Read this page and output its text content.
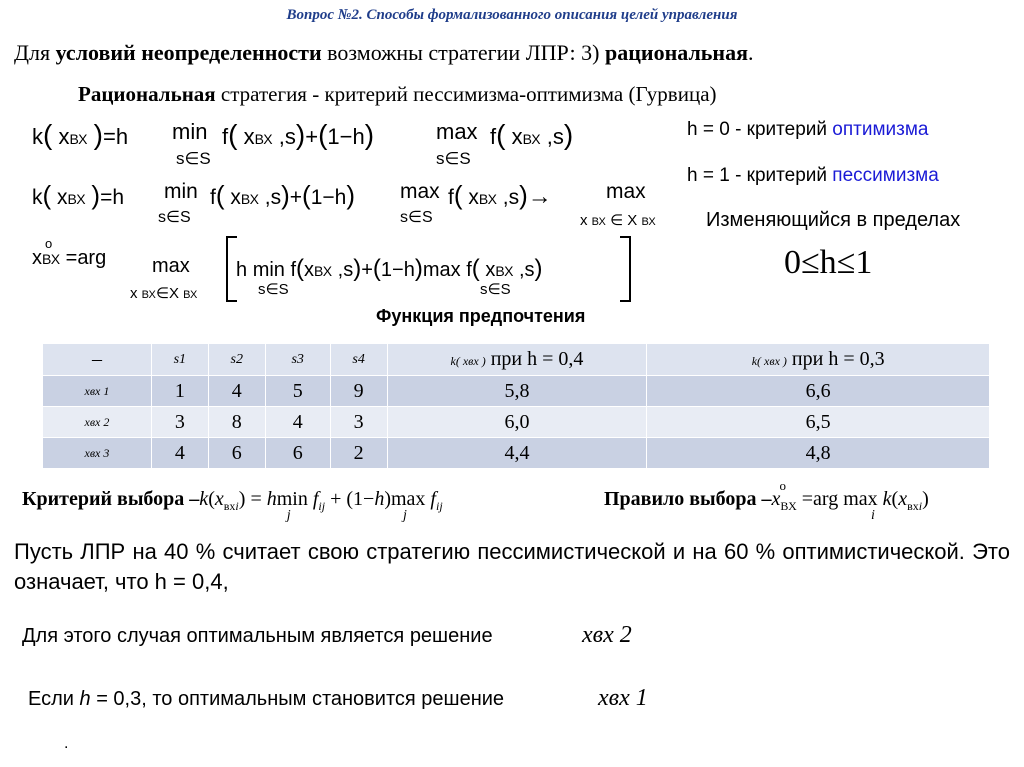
Вопрос №2. Способы формализованного описания целей управления
Для условий неопределенности возможны стратегии ЛПР: 3) рациональная.
Рациональная стратегия - критерий пессимизма-оптимизма (Гурвица)
k( xВХ )=h min
s∈S
f( xВХ ,s)+(1−h)	max
s∈S
f( xВХ ,s)	h = 0 - критерий оптимизма
h = 1 - критерий пессимизма
k( xВХ )=h min
s∈S
f( xВХ ,s)+(1−h) max
s∈S
f( xВХ ,s)→	max
x ВХ ∈ X ВХ	Изменяющийся в пределах
0≤h≤1
x
o
ВХ =arg max
x ВХ∈X ВХ
h min f(xВХ ,s)+(1−h)max f( xВХ ,s)
s∈S	s∈S
Функция предпочтения
–	s1	s2	s3	s4	k( xвх ) при h = 0,4	k( xвх ) при h = 0,3
xвх 1	1	4	5	9	5,8	6,6
xвх 2	3	8	4	3	6,0	6,5
xвх 3	4	6	6	2	4,4	4,8
Критерий выбора $-k(x_{вхi}) = hmin$
j
$f_{ij} + (1-h)\max$
j
$f_{ij}$	Правило выбора –x
o
$_{ВХ}$ =arg max
i
$k(x_{вхi})$
Пусть ЛПР на 40 % считает свою стратегию пессимистической и на 60 % оптимистической. Это означает, что h = 0,4,
Для этого случая оптимальным является решение	xвх 2
Если h = 0,3, то оптимальным становится решение	xвх 1
.
